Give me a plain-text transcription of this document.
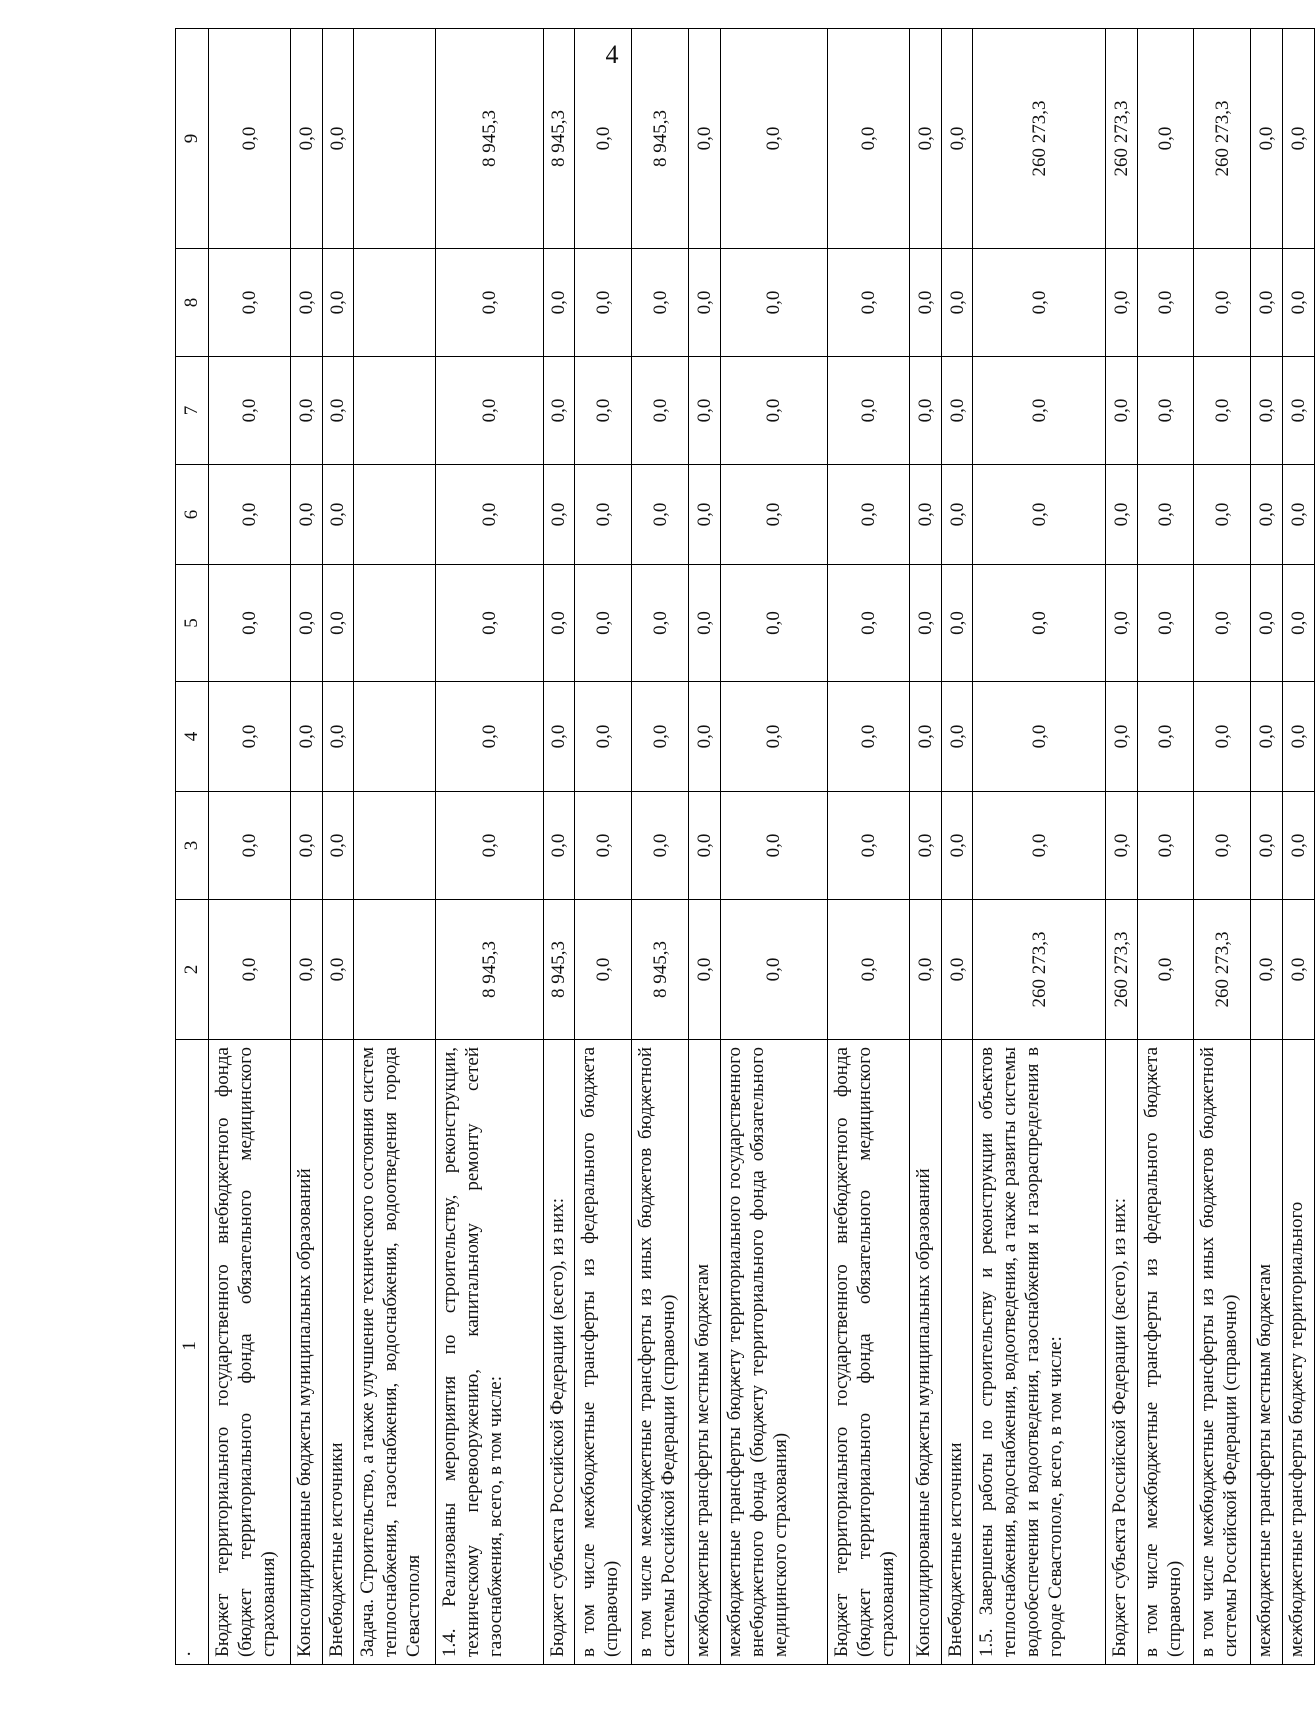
4
·
1	2	3	4	5	6	7	8	9
Бюджет территориального государственного внебюджетного фонда (бюджет территориального фонда обязательного медицинского страхования)	0,0	0,0	0,0	0,0	0,0	0,0	0,0	0,0
Консолидированные бюджеты муниципальных образований	0,0	0,0	0,0	0,0	0,0	0,0	0,0	0,0
Внебюджетные источники	0,0	0,0	0,0	0,0	0,0	0,0	0,0	0,0
Задача. Строительство, а также улучшение технического состояния систем теплоснабжения, газоснабжения, водоснабжения, водоотведения города Севастополя								
1.4. Реализованы мероприятия по строительству, реконструкции, техническому перевооружению, капитальному ремонту сетей газоснабжения, всего, в том числе:	8 945,3	0,0	0,0	0,0	0,0	0,0	0,0	8 945,3
Бюджет субъекта Российской Федерации (всего), из них:	8 945,3	0,0	0,0	0,0	0,0	0,0	0,0	8 945,3
в том числе межбюджетные трансферты из федерального бюджета (справочно)	0,0	0,0	0,0	0,0	0,0	0,0	0,0	0,0
в том числе межбюджетные трансферты из иных бюджетов бюджетной системы Российской Федерации (справочно)	8 945,3	0,0	0,0	0,0	0,0	0,0	0,0	8 945,3
межбюджетные трансферты местным бюджетам	0,0	0,0	0,0	0,0	0,0	0,0	0,0	0,0
межбюджетные трансферты бюджету территориального государственного внебюджетного фонда (бюджету территориального фонда обязательного медицинского страхования)	0,0	0,0	0,0	0,0	0,0	0,0	0,0	0,0
Бюджет территориального государственного внебюджетного фонда (бюджет территориального фонда обязательного медицинского страхования)	0,0	0,0	0,0	0,0	0,0	0,0	0,0	0,0
Консолидированные бюджеты муниципальных образований	0,0	0,0	0,0	0,0	0,0	0,0	0,0	0,0
Внебюджетные источники	0,0	0,0	0,0	0,0	0,0	0,0	0,0	0,0
1.5. Завершены работы по строительству и реконструкции объектов теплоснабжения, водоснабжения, водоотведения, а также развиты системы водообеспечения и водоотведения, газоснабжения и газораспределения в городе Севастополе, всего, в том числе:	260 273,3	0,0	0,0	0,0	0,0	0,0	0,0	260 273,3
Бюджет субъекта Российской Федерации (всего), из них:	260 273,3	0,0	0,0	0,0	0,0	0,0	0,0	260 273,3
в том числе межбюджетные трансферты из федерального бюджета (справочно)	0,0	0,0	0,0	0,0	0,0	0,0	0,0	0,0
в том числе межбюджетные трансферты из иных бюджетов бюджетной системы Российской Федерации (справочно)	260 273,3	0,0	0,0	0,0	0,0	0,0	0,0	260 273,3
межбюджетные трансферты местным бюджетам	0,0	0,0	0,0	0,0	0,0	0,0	0,0	0,0
межбюджетные трансферты бюджету территориального	0,0	0,0	0,0	0,0	0,0	0,0	0,0	0,0
